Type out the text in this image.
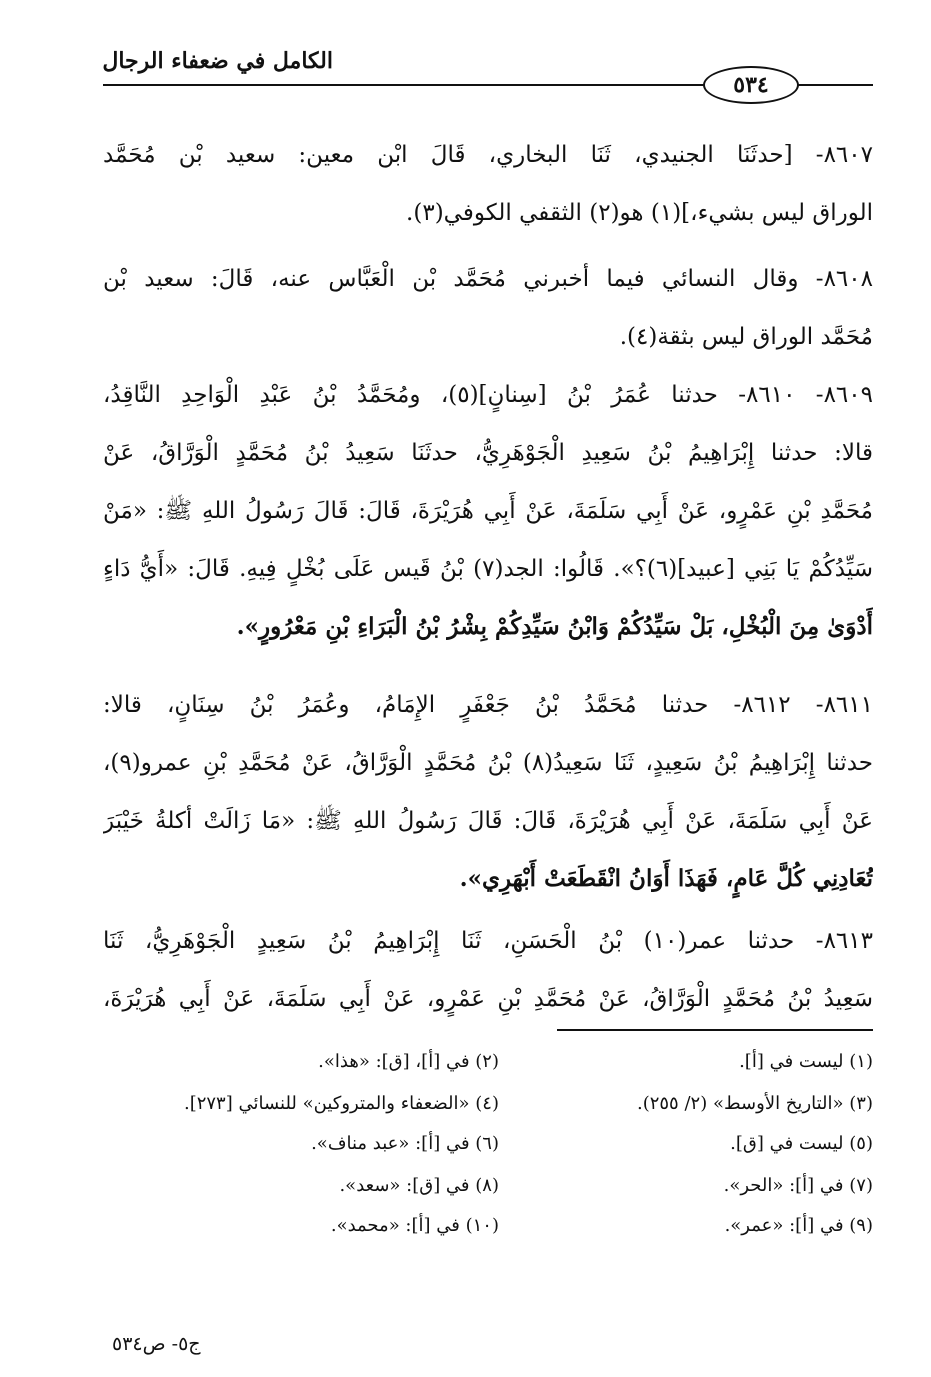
الكامل في ضعفاء الرجال
٥٣٤
٨٦٠٧- [حدثَنَا الجنيدي، ثَنَا البخاري، قَالَ ابْن معين: سعيد بْن مُحَمَّد
الوراق ليس بشيء،](١) هو(٢) الثقفي الكوفي(٣).
٨٦٠٨- وقال النسائي فيما أخبرني مُحَمَّد بْن الْعَبَّاس عنه، قَالَ: سعيد بْن
مُحَمَّد الوراق ليس بثقة(٤).
٨٦٠٩- ٨٦١٠- حدثنا عُمَرُ بْنُ [سِنانٍ](٥)، ومُحَمَّدُ بْنُ عَبْدِ الْوَاحِدِ النَّاقِدُ،
قالا: حدثنا إِبْرَاهِيمُ بْنُ سَعِيدِ الْجَوْهَرِيُّ، حدثَنَا سَعِيدُ بْنُ مُحَمَّدٍ الْوَرَّاقُ، عَنْ
مُحَمَّدِ بْنِ عَمْرٍو، عَنْ أَبِي سَلَمَةَ، عَنْ أَبِي هُرَيْرَةَ، قَالَ: قَالَ رَسُولُ اللهِ ﷺ: «مَنْ
سَيِّدُكُمْ يَا بَنِي [عبيد](٦)؟». قَالُوا: الجد(٧) بْنُ قَيس عَلَى بُخْلٍ فِيهِ. قَالَ: «أَيُّ دَاءٍ
أَدْوَىٰ مِنَ الْبُخْلِ، بَلْ سَيِّدُكُمْ وَابْنُ سَيِّدِكُمْ بِشْرُ بْنُ الْبَرَاءِ بْنِ مَعْرُورٍ».
٨٦١١- ٨٦١٢- حدثنا مُحَمَّدُ بْنُ جَعْفَرٍ الإِمَامُ، وعُمَرُ بْنُ سِنَانٍ، قالا:
حدثنا إِبْرَاهِيمُ بْنُ سَعِيدٍ، ثَنَا سَعِيدُ(٨) بْنُ مُحَمَّدٍ الْوَرَّاقُ، عَنْ مُحَمَّدِ بْنِ عمرو(٩)،
عَنْ أَبِي سَلَمَةَ، عَنْ أَبِي هُرَيْرَةَ، قَالَ: قَالَ رَسُولُ اللهِ ﷺ: «مَا زَالَتْ أكلةُ خَيْبَرَ
تُعَادِنِي كُلَّ عَامٍ، فَهَذَا أَوَانُ انْقَطَعَتْ أَبْهَرِي».
٨٦١٣- حدثنا عمر(١٠) بْنُ الْحَسَنِ، ثَنَا إِبْرَاهِيمُ بْنُ سَعِيدٍ الْجَوْهَرِيُّ، ثَنَا
سَعِيدُ بْنُ مُحَمَّدٍ الْوَرَّاقُ، عَنْ مُحَمَّدِ بْنِ عَمْرٍو، عَنْ أَبِي سَلَمَةَ، عَنْ أَبِي هُرَيْرَةَ،
(١) ليست في [أ].
(٢) في [أ]، [ق]: «هذا».
(٣) «التاريخ الأوسط» (٢/ ٢٥٥).
(٤) «الضعفاء والمتروكين» للنسائي [٢٧٣].
(٥) ليست في [ق].
(٦) في [أ]: «عبد مناف».
(٧) في [أ]: «الحر».
(٨) في [ق]: «سعد».
(٩) في [أ]: «عمر».
(١٠) في [أ]: «محمد».
ج٥- ص٥٣٤
